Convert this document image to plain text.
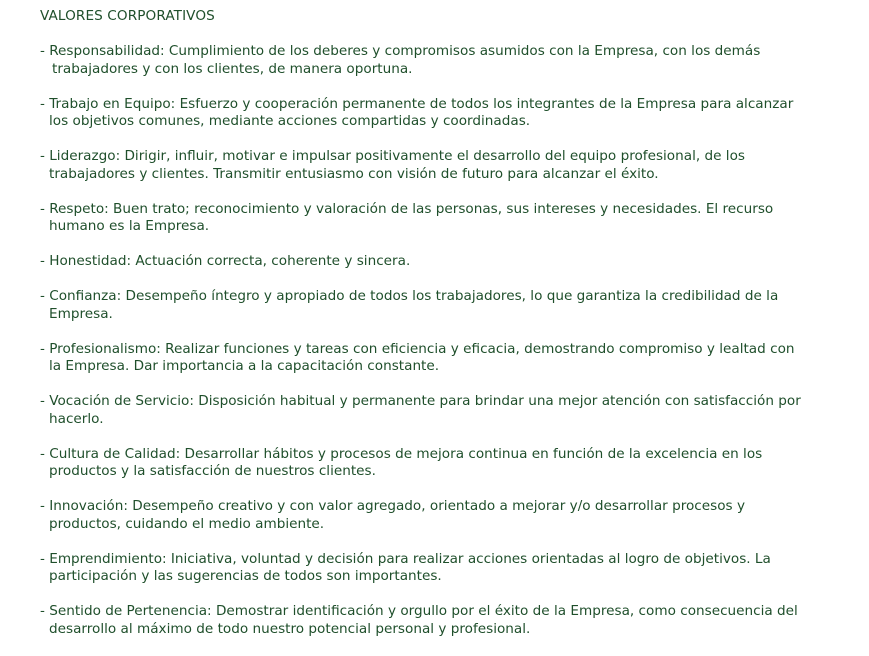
VALORES CORPORATIVOS
- Responsabilidad: Cumplimiento de los deberes y compromisos asumidos con la Empresa, con los demás
trabajadores y con los clientes, de manera oportuna.
- Trabajo en Equipo: Esfuerzo y cooperación permanente de todos los integrantes de la Empresa para alcanzar
los objetivos comunes, mediante acciones compartidas y coordinadas.
- Liderazgo: Dirigir, influir, motivar e impulsar positivamente el desarrollo del equipo profesional, de los
trabajadores y clientes. Transmitir entusiasmo con visión de futuro para alcanzar el éxito.
- Respeto: Buen trato; reconocimiento y valoración de las personas, sus intereses y necesidades. El recurso
humano es la Empresa.
- Honestidad: Actuación correcta, coherente y sincera.
- Confianza: Desempeño íntegro y apropiado de todos los trabajadores, lo que garantiza la credibilidad de la
Empresa.
- Profesionalismo: Realizar funciones y tareas con eficiencia y eficacia, demostrando compromiso y lealtad con
la Empresa. Dar importancia a la capacitación constante.
- Vocación de Servicio: Disposición habitual y permanente para brindar una mejor atención con satisfacción por
hacerlo.
- Cultura de Calidad: Desarrollar hábitos y procesos de mejora continua en función de la excelencia en los
productos y la satisfacción de nuestros clientes.
- Innovación: Desempeño creativo y con valor agregado, orientado a mejorar y/o desarrollar procesos y
productos, cuidando el medio ambiente.
- Emprendimiento: Iniciativa, voluntad y decisión para realizar acciones orientadas al logro de objetivos. La
participación y las sugerencias de todos son importantes.
- Sentido de Pertenencia: Demostrar identificación y orgullo por el éxito de la Empresa, como consecuencia del
desarrollo al máximo de todo nuestro potencial personal y profesional.
